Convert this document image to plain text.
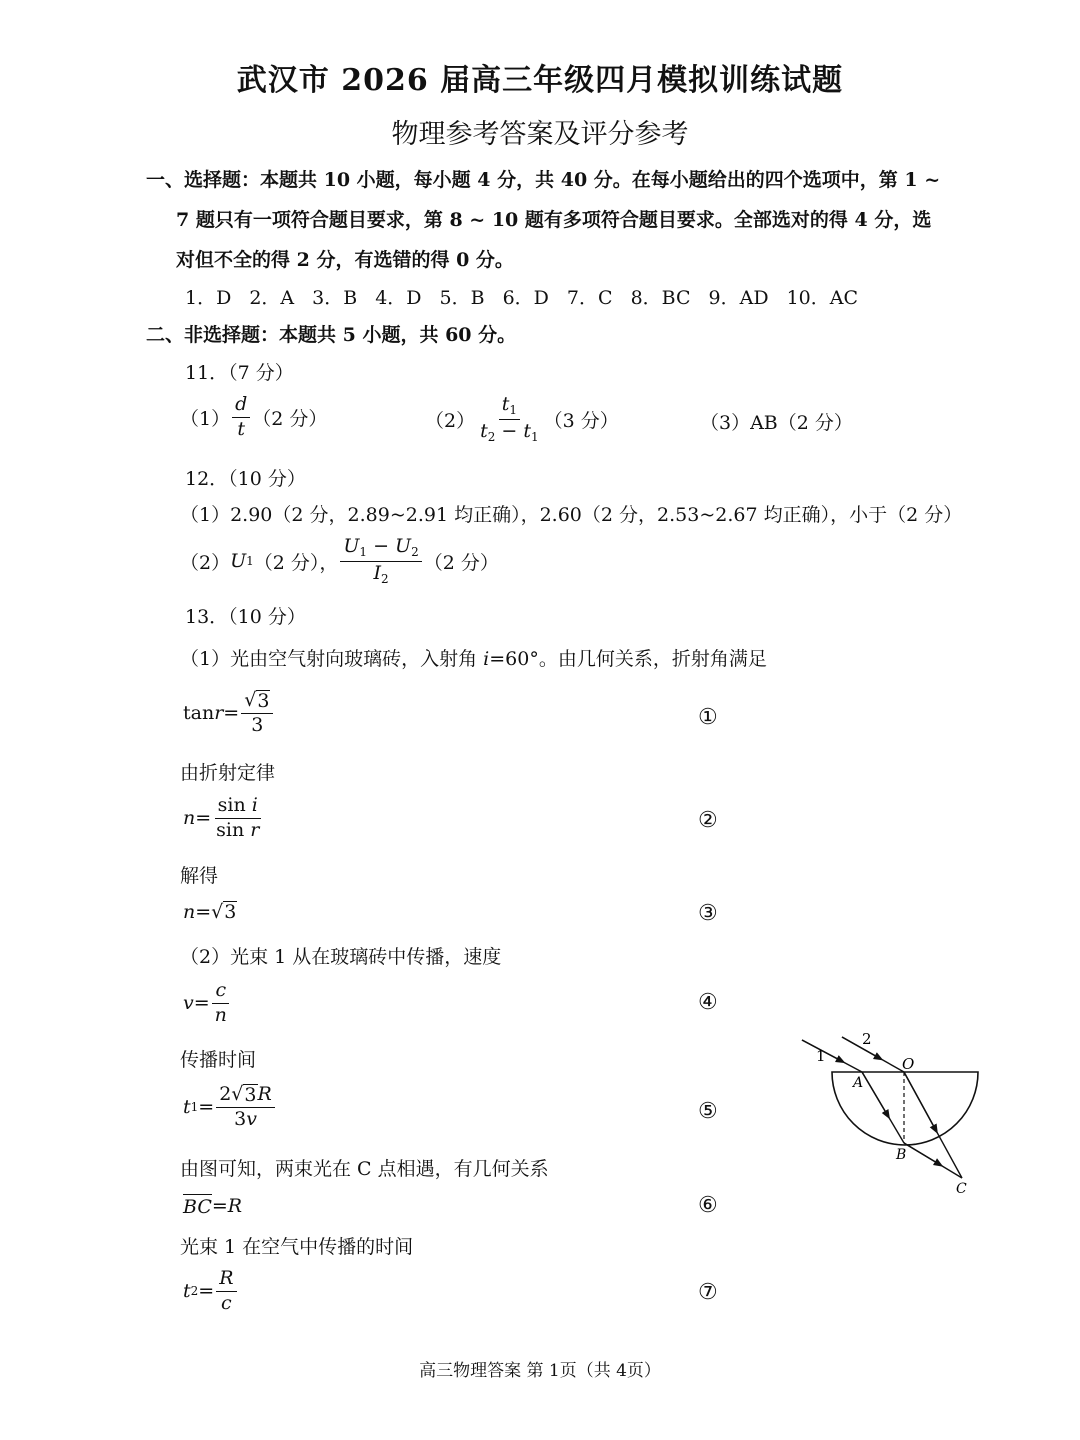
武汉市 2026 届高三年级四月模拟训练试题
物理参考答案及评分参考
一、选择题：本题共 10 小题，每小题 4 分，共 40 分。在每小题给出的四个选项中，第 1 ~
7 题只有一项符合题目要求，第 8 ~ 10 题有多项符合题目要求。全部选对的得 4 分，选
对但不全的得 2 分，有选错的得 0 分。
1．D 2．A 3．B 4．D 5．B 6．D 7．C 8．BC 9．AD 10．AC
二、非选择题：本题共 5 小题，共 60 分。
11．（7 分）
$(1) \frac{d}{t} (2$ 分）	$(2) \frac{t_1}{t_2 - t_1} (3$ 分）	（3）AB（2 分）
12．（10 分）
（1）2.90（2 分，2.89~2.91 均正确），2.60（2 分，2.53~2.67 均正确），小于（2 分）
（2） U 1 （2 分）， $\frac{U_1 - U_2}{I_2} (2$ 分）
13．（10 分）
（1）光由空气射向玻璃砖，入射角 i=60°。由几何关系，折射角满足
$\tan r = \frac{√ 3}{3}$	①
由折射定律
$n = \frac{\text{sin i}}{\text{sin r}}$	②
解得
n = √ 3	③
（2）光束 1 从在玻璃砖中传播，速度
$v = \frac{c}{n}$	④
传播时间
t $1 = \frac{2√ 3 R}{3v}$	⑤
由图可知，两束光在 C 点相遇，有几何关系
BC = R	⑥
光束 1 在空气中传播的时间
t $2 = \frac{R}{c}$	⑦
1
2
O
A
B
C
高三物理答案 第 1页（共 4页）
